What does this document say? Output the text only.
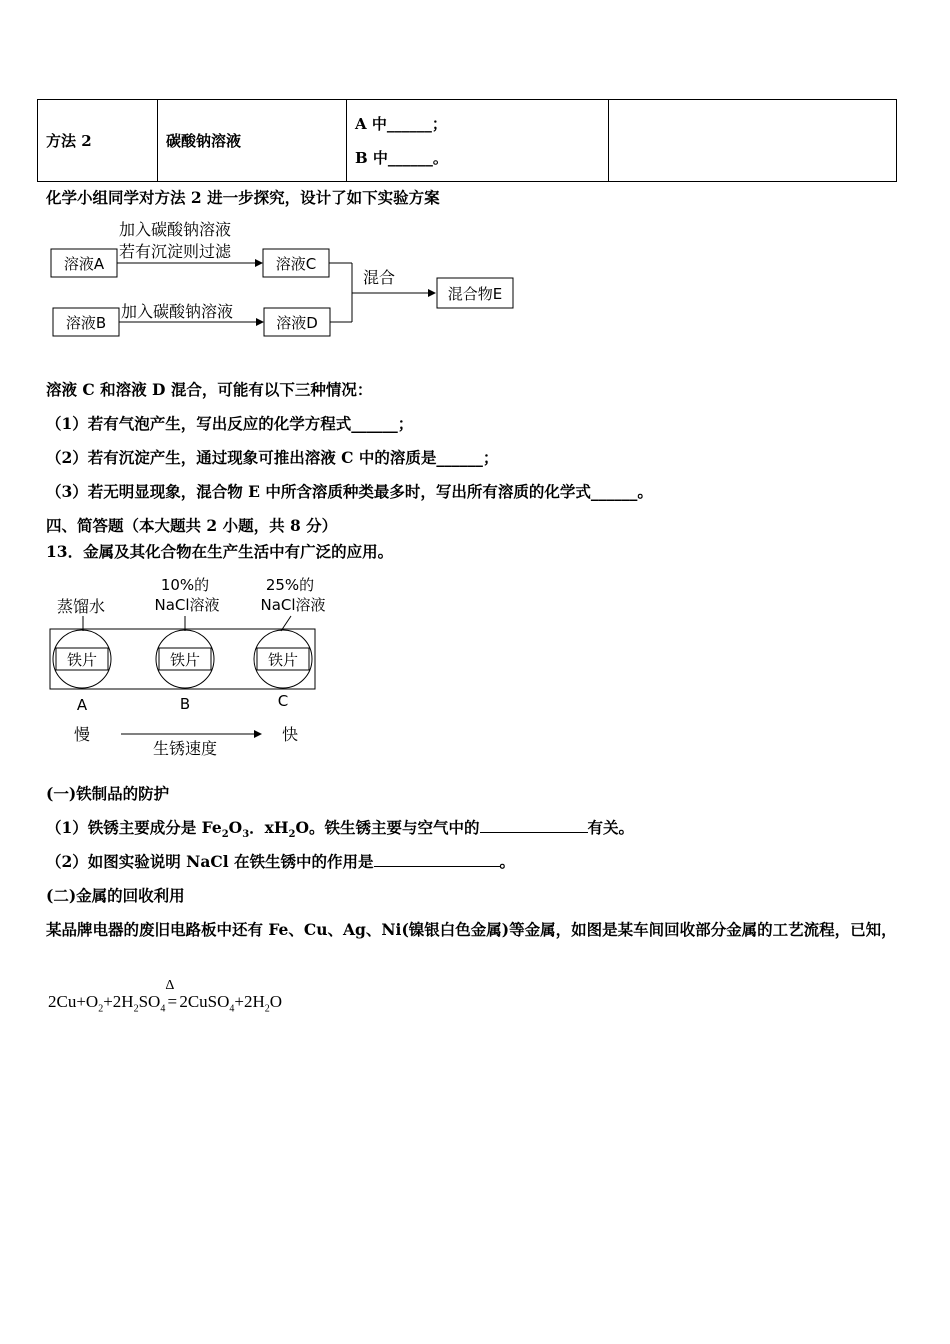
方法 2	碳酸钠溶液	
A 中______；
B 中______。

化学小组同学对方法 2 进一步探究，设计了如下实验方案
溶液A
加入碳酸钠溶液
若有沉淀则过滤
溶液C
溶液B
加入碳酸钠溶液
溶液D
混合
混合物E
溶液 C 和溶液 D 混合，可能有以下三种情况：
（1）若有气泡产生，写出反应的化学方程式______；
（2）若有沉淀产生，通过现象可推出溶液 C 中的溶质是______；
（3）若无明显现象，混合物 E 中所含溶质种类最多时，写出所有溶质的化学式______。
四、简答题（本大题共 2 小题，共 8 分）
13．金属及其化合物在生产生活中有广泛的应用。
蒸馏水
10%的
NaCl溶液
25%的
NaCl溶液
铁片	铁片	铁片
A	B	C
慢	快
生锈速度
(一)铁制品的防护
（1）铁锈主要成分是 $Fe_2O_3$．$xH_2O$。铁生锈主要与空气中的	有关。
（2）如图实验说明 NaCl 在铁生锈中的作用是	。
(二)金属的回收利用
某品牌电器的废旧电路板中还有 Fe、Cu、Ag、Ni(镍银白色金属)等金属，如图是某车间回收部分金属的工艺流程，已知，
$2Cu+O_2+2H_2SO_4$
Δ
= $2CuSO_4+2H_2O$
